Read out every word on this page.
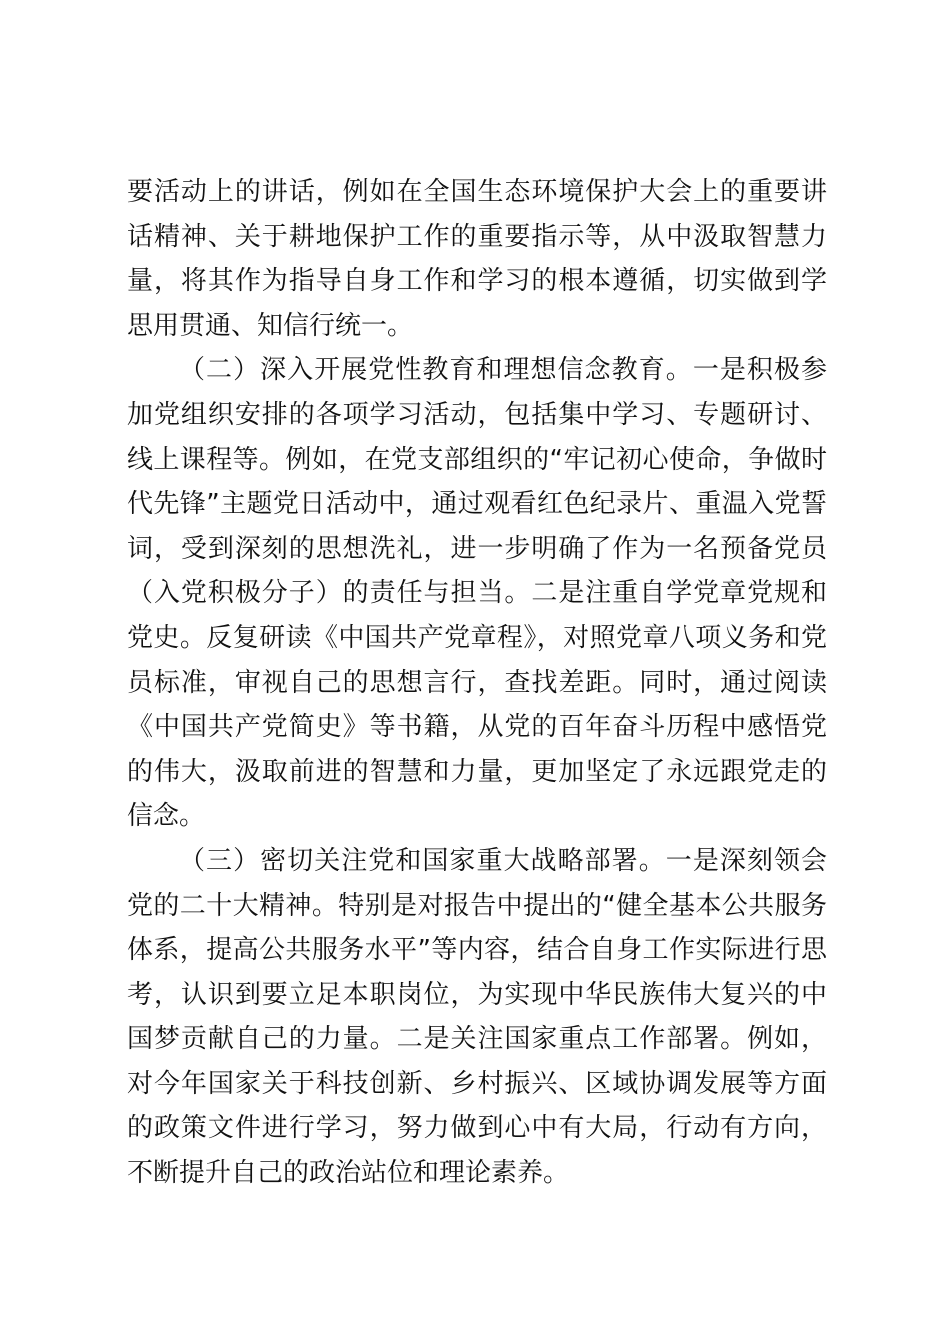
要活动上的讲话，例如在全国生态环境保护大会上的重要讲话精神、关于耕地保护工作的重要指示等，从中汲取智慧力量，将其作为指导自身工作和学习的根本遵循，切实做到学思用贯通、知信行统一。

（二）深入开展党性教育和理想信念教育。一是积极参加党组织安排的各项学习活动，包括集中学习、专题研讨、线上课程等。例如，在党支部组织的“牢记初心使命，争做时代先锋”主题党日活动中，通过观看红色纪录片、重温入党誓词，受到深刻的思想洗礼，进一步明确了作为一名预备党员（入党积极分子）的责任与担当。二是注重自学党章党规和党史。反复研读《中国共产党章程》，对照党章八项义务和党员标准，审视自己的思想言行，查找差距。同时，通过阅读《中国共产党简史》等书籍，从党的百年奋斗历程中感悟党的伟大，汲取前进的智慧和力量，更加坚定了永远跟党走的信念。

（三）密切关注党和国家重大战略部署。一是深刻领会党的二十大精神。特别是对报告中提出的“健全基本公共服务体系，提高公共服务水平”等内容，结合自身工作实际进行思考，认识到要立足本职岗位，为实现中华民族伟大复兴的中国梦贡献自己的力量。二是关注国家重点工作部署。例如，对今年国家关于科技创新、乡村振兴、区域协调发展等方面的政策文件进行学习，努力做到心中有大局，行动有方向，不断提升自己的政治站位和理论素养。
